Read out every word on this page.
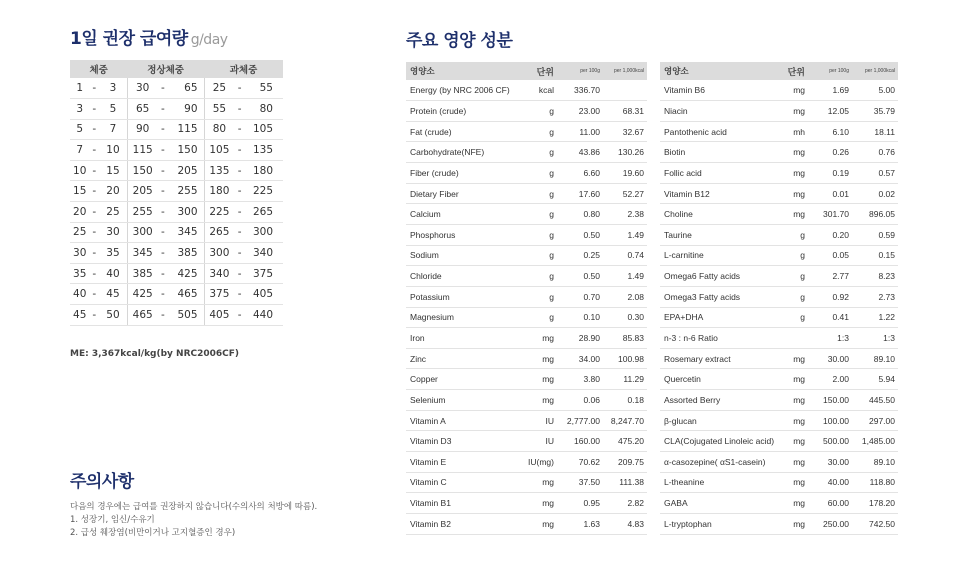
1일 권장 급여량 g/day
체중			정상체중			과체중		
1	-	3	30	-	65	25	-	55
3	-	5	65	-	90	55	-	80
5	-	7	90	-	115	80	-	105
7	-	10	115	-	150	105	-	135
10	-	15	150	-	205	135	-	180
15	-	20	205	-	255	180	-	225
20	-	25	255	-	300	225	-	265
25	-	30	300	-	345	265	-	300
30	-	35	345	-	385	300	-	340
35	-	40	385	-	425	340	-	375
40	-	45	425	-	465	375	-	405
45	-	50	465	-	505	405	-	440
ME: 3,367kcal/kg(by NRC2006CF)
주의사항
다음의 경우에는 급여를 권장하지 않습니다(수의사의 처방에 따름).
1. 성장기, 임신/수유기
2. 급성 췌장염(비만이거나 고지혈증인 경우)
주요 영양 성분
영양소	단위	per 100g	per 1,000kcal
Energy (by NRC 2006 CF)	kcal	336.70	
Protein (crude)	g	23.00	68.31
Fat (crude)	g	11.00	32.67
Carbohydrate(NFE)	g	43.86	130.26
Fiber (crude)	g	6.60	19.60
Dietary Fiber	g	17.60	52.27
Calcium	g	0.80	2.38
Phosphorus	g	0.50	1.49
Sodium	g	0.25	0.74
Chloride	g	0.50	1.49
Potassium	g	0.70	2.08
Magnesium	g	0.10	0.30
Iron	mg	28.90	85.83
Zinc	mg	34.00	100.98
Copper	mg	3.80	11.29
Selenium	mg	0.06	0.18
Vitamin A	IU	2,777.00	8,247.70
Vitamin D3	IU	160.00	475.20
Vitamin E	IU(mg)	70.62	209.75
Vitamin C	mg	37.50	111.38
Vitamin B1	mg	0.95	2.82
Vitamin B2	mg	1.63	4.83
영양소	단위	per 100g	per 1,000kcal
Vitamin B6	mg	1.69	5.00
Niacin	mg	12.05	35.79
Pantothenic acid	mh	6.10	18.11
Biotin	mg	0.26	0.76
Follic acid	mg	0.19	0.57
Vitamin B12	mg	0.01	0.02
Choline	mg	301.70	896.05
Taurine	g	0.20	0.59
L-carnitine	g	0.05	0.15
Omega6 Fatty acids	g	2.77	8.23
Omega3 Fatty acids	g	0.92	2.73
EPA+DHA	g	0.41	1.22
n-3 : n-6 Ratio		1:3	1:3
Rosemary extract	mg	30.00	89.10
Quercetin	mg	2.00	5.94
Assorted Berry	mg	150.00	445.50
β-glucan	mg	100.00	297.00
CLA(Cojugated Linoleic acid)	mg	500.00	1,485.00
α-casozepine( αS1-casein)	mg	30.00	89.10
L-theanine	mg	40.00	118.80
GABA	mg	60.00	178.20
L-tryptophan	mg	250.00	742.50
